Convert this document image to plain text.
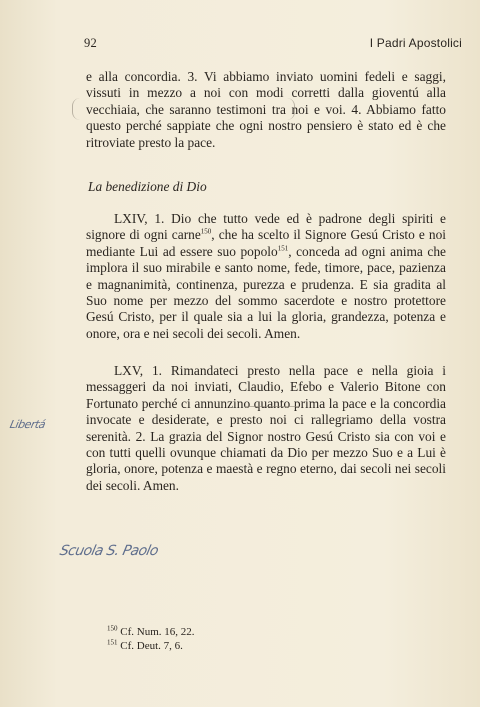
92	I Padri Apostolici

e alla concordia. 3. Vi abbiamo inviato uomini fedeli e saggi, vissuti in mezzo a noi con modi corretti dalla gioventú alla vecchiaia, che saranno testimoni tra noi e voi. 4. Abbiamo fatto questo perché sappiate che ogni nostro pensiero è stato ed è che ritroviate presto la pace.

La benedizione di Dio

LXIV, 1. Dio che tutto vede ed è padrone degli spiriti e signore di ogni carne$^{150}$, che ha scelto il Signore Gesú Cristo e noi mediante Lui ad essere suo popolo$^{151}$, conceda ad ogni anima che implora il suo mirabile e santo nome, fede, timore, pace, pazienza e magnanimità, continenza, purezza e prudenza. E sia gradita al Suo nome per mezzo del sommo sacerdote e nostro protettore Gesú Cristo, per il quale sia a lui la gloria, grandezza, potenza e onore, ora e nei secoli dei secoli. Amen.

LXV, 1. Rimandateci presto nella pace e nella gioia i messaggeri da noi inviati, Claudio, Efebo e Valerio Bitone con Fortunato perché ci annunzino quanto prima la pace e la concordia invocate e desiderate, e presto noi ci rallegriamo della vostra serenità. 2. La grazia del Signor nostro Gesú Cristo sia con voi e con tutti quelli ovunque chiamati da Dio per mezzo Suo e a Lui è gloria, onore, potenza e maestà e regno eterno, dai secoli nei secoli dei secoli. Amen.

Libertá
Scuola S. Paolo
$^{150}$ Cf. Num. 16, 22.
$^{151}$ Cf. Deut. 7, 6.
